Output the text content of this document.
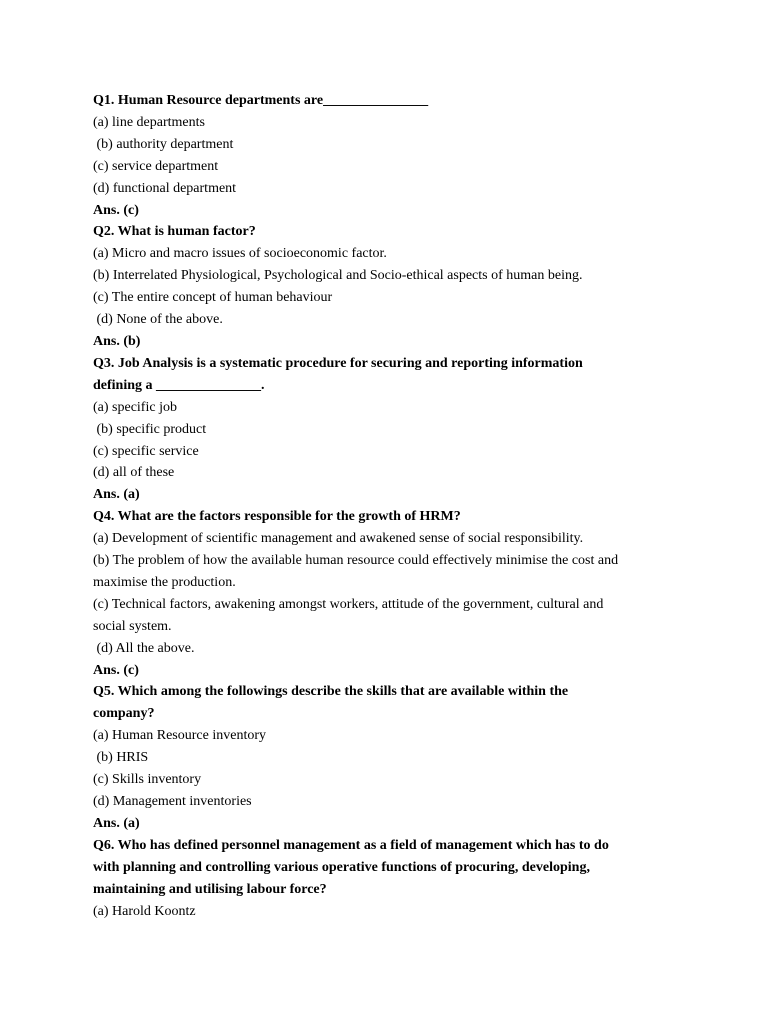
Q1. Human Resource departments are_______________

(a) line departments

(b) authority department

(c) service department

(d) functional department

Ans. (c)

Q2. What is human factor?

(a) Micro and macro issues of socioeconomic factor.

(b) Interrelated Physiological, Psychological and Socio-ethical aspects of human being.

(c) The entire concept of human behaviour

(d) None of the above.

Ans. (b)

Q3. Job Analysis is a systematic procedure for securing and reporting information

defining a _______________.

(a) specific job

(b) specific product

(c) specific service

(d) all of these

Ans. (a)

Q4. What are the factors responsible for the growth of HRM?

(a) Development of scientific management and awakened sense of social responsibility.

(b) The problem of how the available human resource could effectively minimise the cost and

maximise the production.

(c) Technical factors, awakening amongst workers, attitude of the government, cultural and

social system.

(d) All the above.

Ans. (c)

Q5. Which among the followings describe the skills that are available within the

company?

(a) Human Resource inventory

(b) HRIS

(c) Skills inventory

(d) Management inventories

Ans. (a)

Q6. Who has defined personnel management as a field of management which has to do

with planning and controlling various operative functions of procuring, developing,

maintaining and utilising labour force?

(a) Harold Koontz
